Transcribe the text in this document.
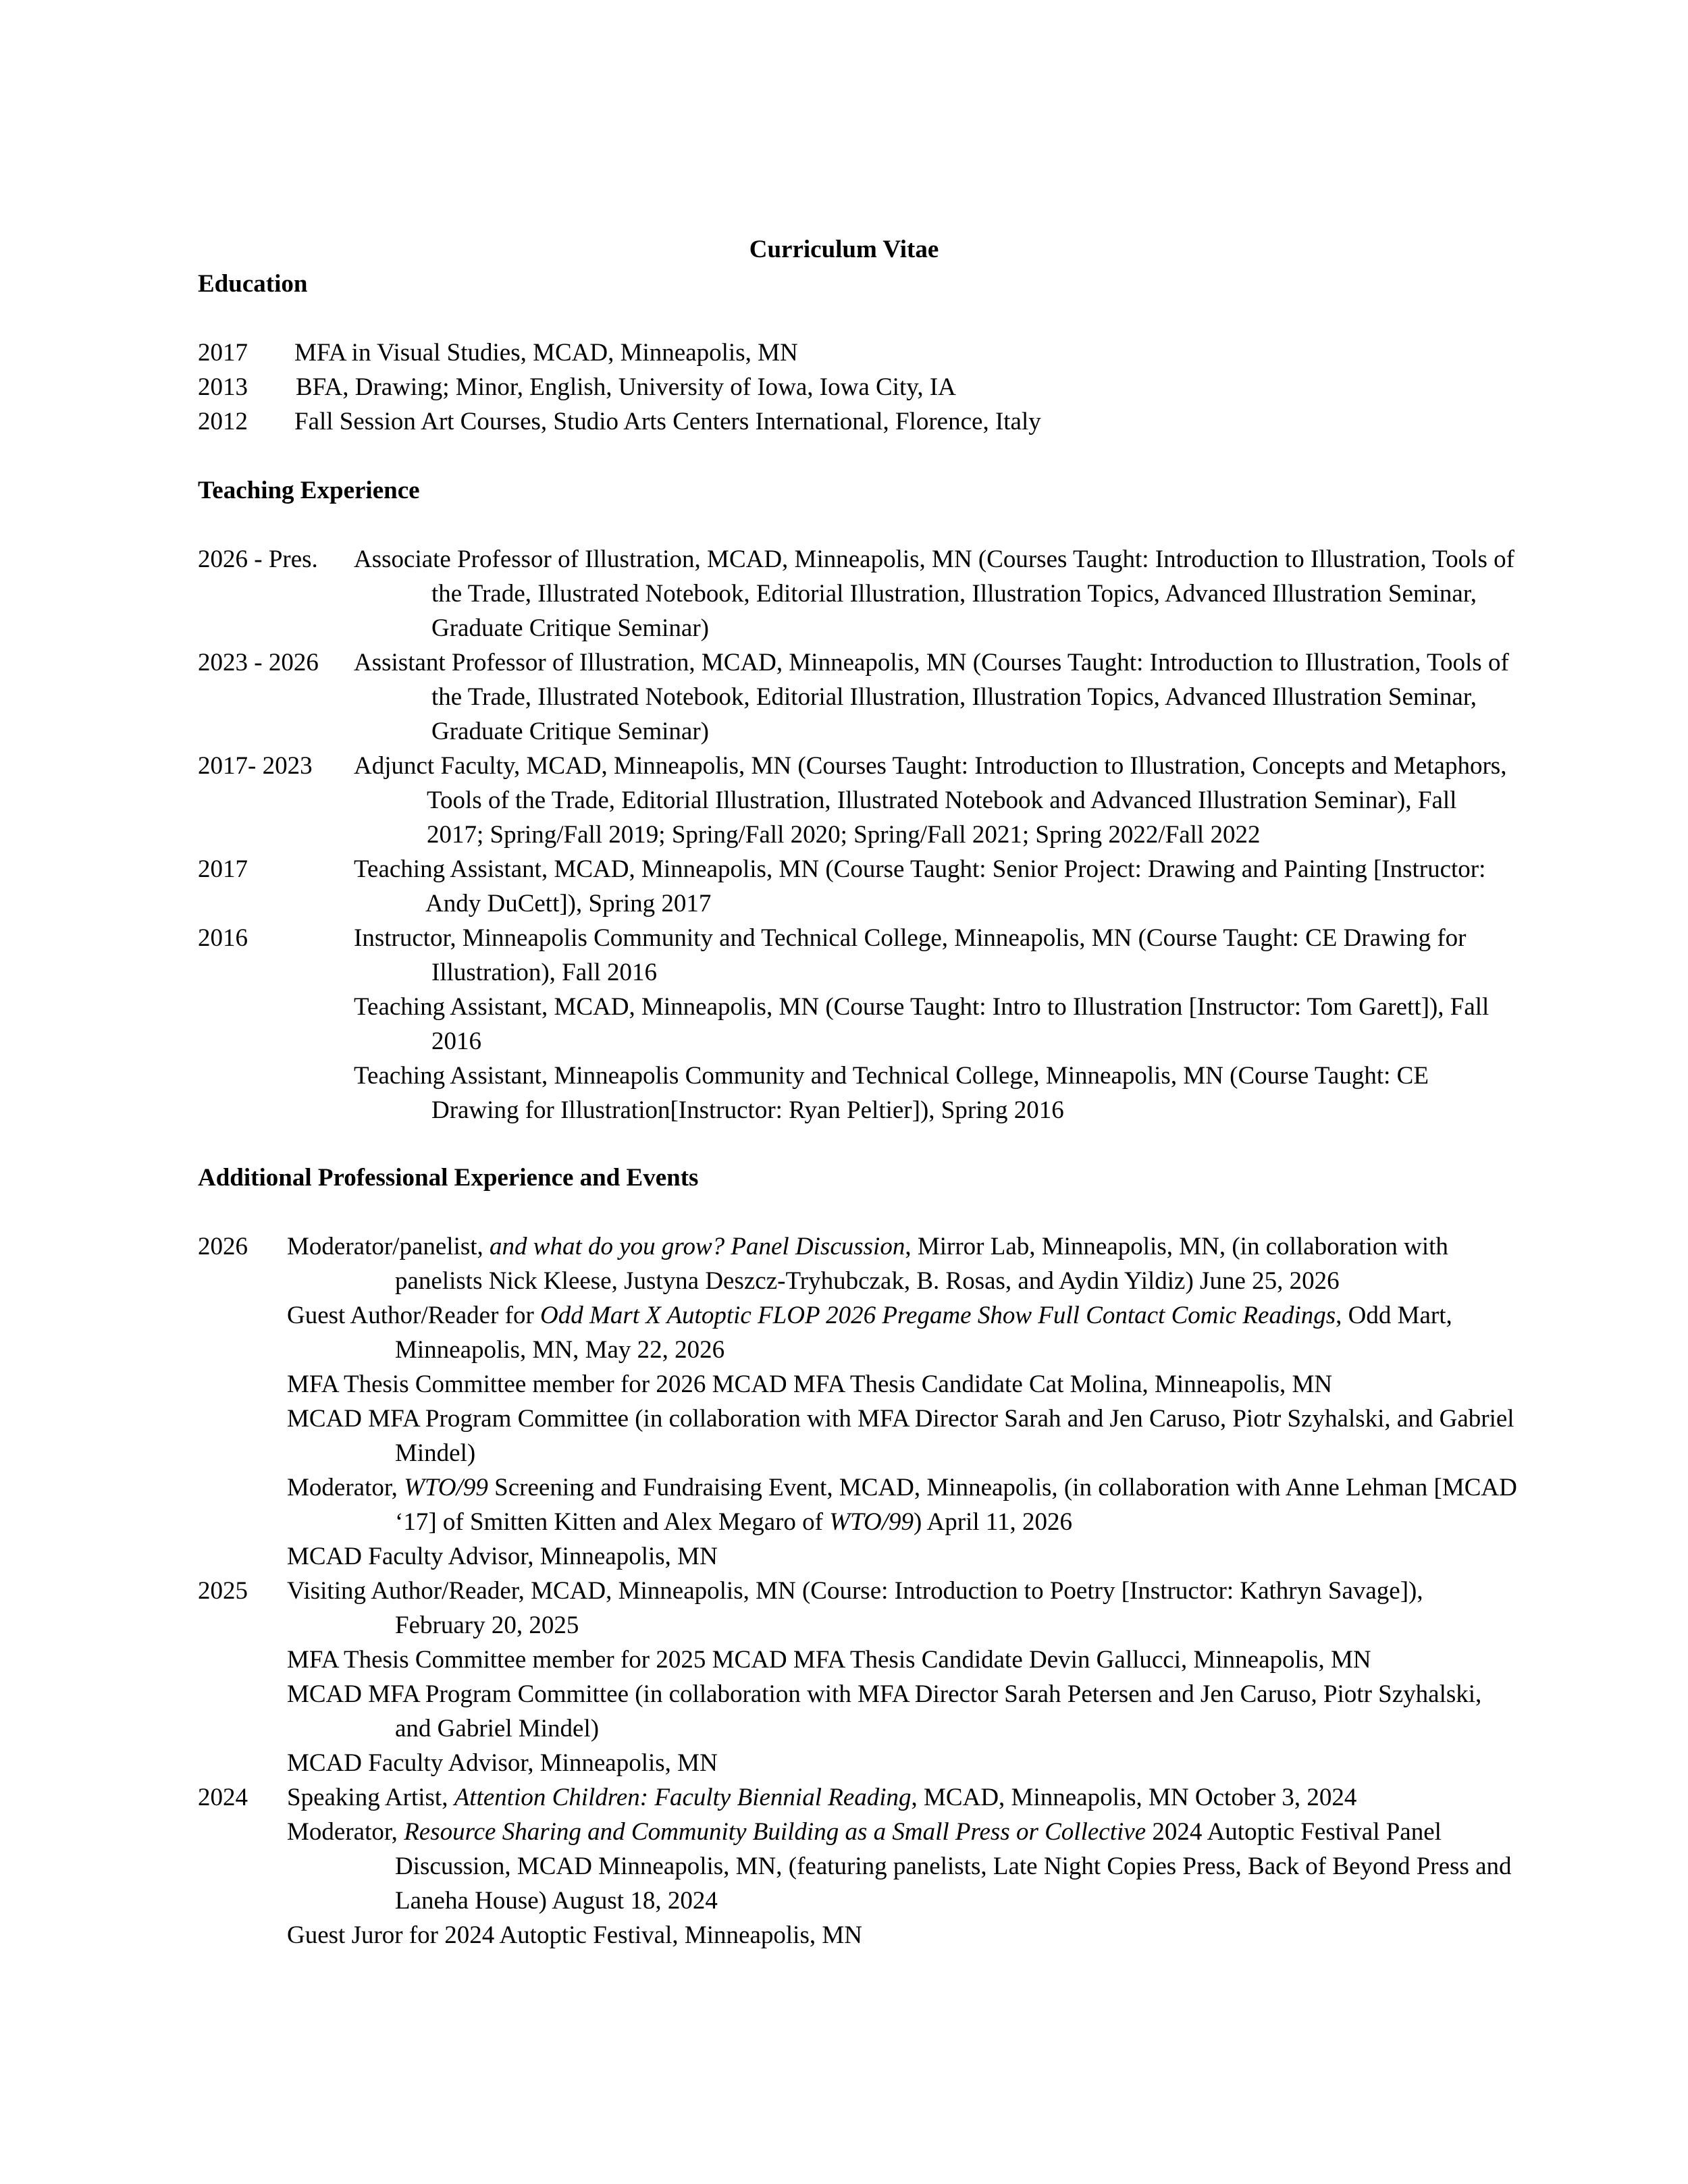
Curriculum Vitae
Education
2017 MFA in Visual Studies, MCAD, Minneapolis, MN
2013 BFA, Drawing; Minor, English, University of Iowa, Iowa City, IA
2012 Fall Session Art Courses, Studio Arts Centers International, Florence, Italy
Teaching Experience
2026 - Pres. Associate Professor of Illustration, MCAD, Minneapolis, MN (Courses Taught: Introduction to Illustration, Tools of the Trade, Illustrated Notebook, Editorial Illustration, Illustration Topics, Advanced Illustration Seminar, Graduate Critique Seminar)
2023 - 2026 Assistant Professor of Illustration, MCAD, Minneapolis, MN (Courses Taught: Introduction to Illustration, Tools of the Trade, Illustrated Notebook, Editorial Illustration, Illustration Topics, Advanced Illustration Seminar, Graduate Critique Seminar)
2017- 2023 Adjunct Faculty, MCAD, Minneapolis, MN (Courses Taught: Introduction to Illustration, Concepts and Metaphors, Tools of the Trade, Editorial Illustration, Illustrated Notebook and Advanced Illustration Seminar), Fall 2017; Spring/Fall 2019; Spring/Fall 2020; Spring/Fall 2021; Spring 2022/Fall 2022
2017	Teaching Assistant, MCAD, Minneapolis, MN (Course Taught: Senior Project: Drawing and Painting [Instructor: Andy DuCett]), Spring 2017
2016	Instructor, Minneapolis Community and Technical College, Minneapolis, MN (Course Taught: CE Drawing for Illustration), Fall 2016
Teaching Assistant, MCAD, Minneapolis, MN (Course Taught: Intro to Illustration [Instructor: Tom Garett]), Fall 2016
Teaching Assistant, Minneapolis Community and Technical College, Minneapolis, MN (Course Taught: CE Drawing for Illustration[Instructor: Ryan Peltier]), Spring 2016
Additional Professional Experience and Events
2026 Moderator/panelist, and what do you grow? Panel Discussion, Mirror Lab, Minneapolis, MN, (in collaboration with panelists Nick Kleese, Justyna Deszcz-Tryhubczak, B. Rosas, and Aydin Yildiz) June 25, 2026
Guest Author/Reader for Odd Mart X Autoptic FLOP 2026 Pregame Show Full Contact Comic Readings, Odd Mart, Minneapolis, MN, May 22, 2026
MFA Thesis Committee member for 2026 MCAD MFA Thesis Candidate Cat Molina, Minneapolis, MN
MCAD MFA Program Committee (in collaboration with MFA Director Sarah and Jen Caruso, Piotr Szyhalski, and Gabriel Mindel)
Moderator, WTO/99 Screening and Fundraising Event, MCAD, Minneapolis, (in collaboration with Anne Lehman [MCAD ‘17] of Smitten Kitten and Alex Megaro of WTO/99) April 11, 2026
MCAD Faculty Advisor, Minneapolis, MN
2025 Visiting Author/Reader, MCAD, Minneapolis, MN (Course: Introduction to Poetry [Instructor: Kathryn Savage]), February 20, 2025
MFA Thesis Committee member for 2025 MCAD MFA Thesis Candidate Devin Gallucci, Minneapolis, MN
MCAD MFA Program Committee (in collaboration with MFA Director Sarah Petersen and Jen Caruso, Piotr Szyhalski, and Gabriel Mindel)
MCAD Faculty Advisor, Minneapolis, MN
2024 Speaking Artist, Attention Children: Faculty Biennial Reading, MCAD, Minneapolis, MN October 3, 2024
Moderator, Resource Sharing and Community Building as a Small Press or Collective 2024 Autoptic Festival Panel Discussion, MCAD Minneapolis, MN, (featuring panelists, Late Night Copies Press, Back of Beyond Press and Laneha House) August 18, 2024
Guest Juror for 2024 Autoptic Festival, Minneapolis, MN
